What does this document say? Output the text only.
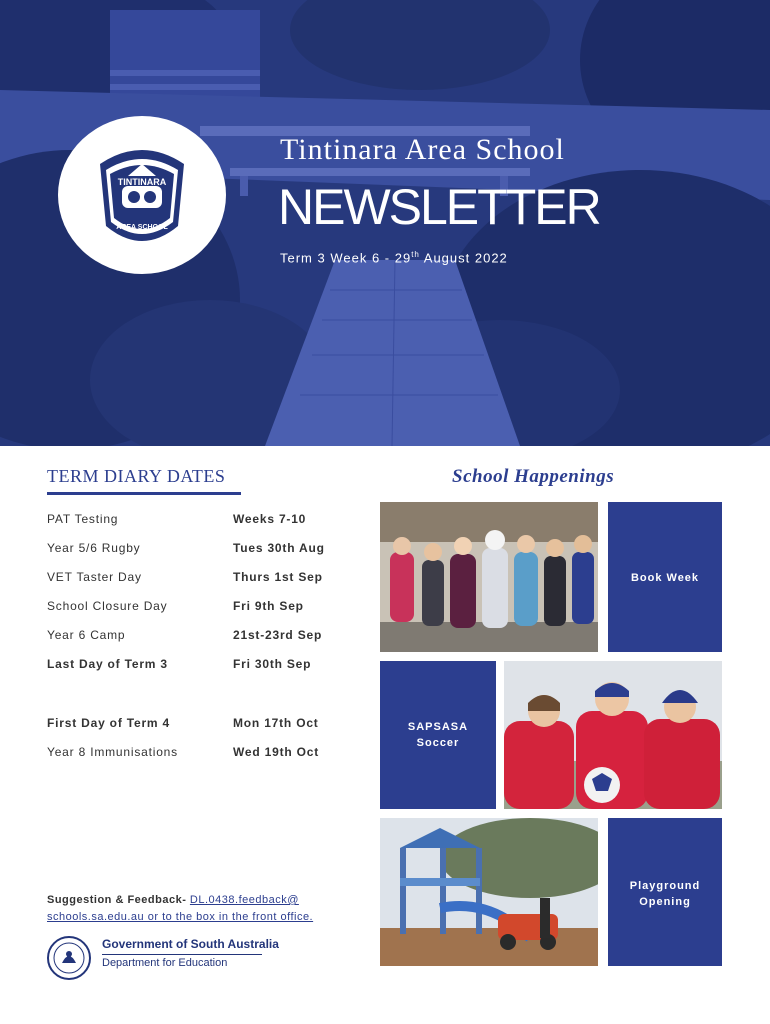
TINTINARA
AREA SCHOOL
Tintinara Area School
NEWSLETTER
Term 3 Week 6 - 29th August 2022
TERM DIARY DATES
PAT Testing	Weeks 7-10
Year 5/6 Rugby	Tues 30th Aug
VET Taster Day	Thurs 1st Sep
School Closure Day	Fri 9th Sep
Year 6 Camp	21st-23rd Sep
Last Day of Term 3	Fri 30th Sep
First Day of Term 4	Mon 17th Oct
Year 8 Immunisations	Wed 19th Oct
Suggestion & Feedback- DL.0438.feedback@
schools.sa.edu.au or to the box in the front office.
Government of South Australia
Department for Education
School Happenings
Book Week
SAPSASA
Soccer
Playground
Opening
